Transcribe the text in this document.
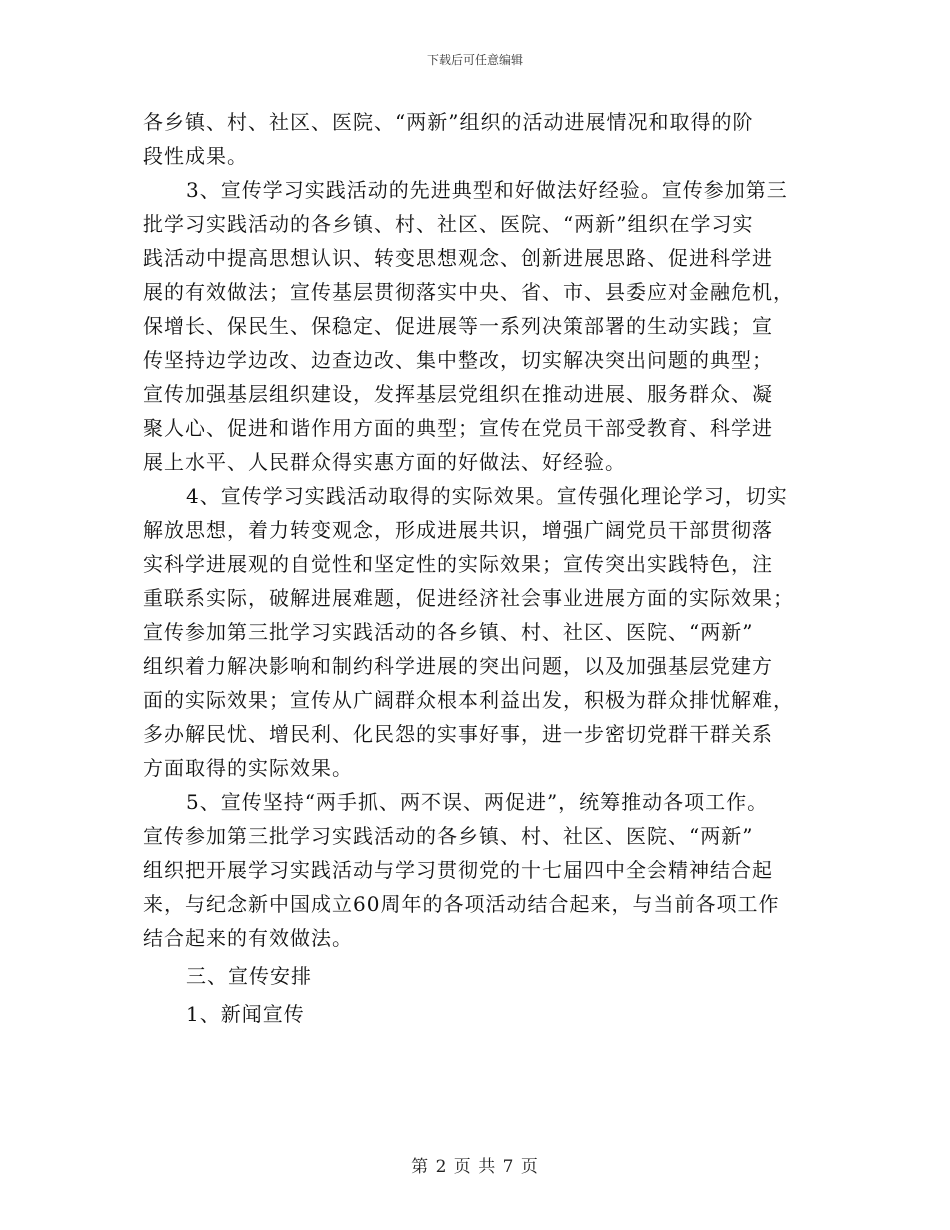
下载后可任意编辑
各乡镇、村、社区、医院、“两新”组织的活动进展情况和取得的阶
段性成果。
3、宣传学习实践活动的先进典型和好做法好经验。宣传参加第三
批学习实践活动的各乡镇、村、社区、医院、“两新”组织在学习实
践活动中提高思想认识、转变思想观念、创新进展思路、促进科学进
展的有效做法；宣传基层贯彻落实中央、省、市、县委应对金融危机，
保增长、保民生、保稳定、促进展等一系列决策部署的生动实践；宣
传坚持边学边改、边查边改、集中整改，切实解决突出问题的典型；
宣传加强基层组织建设，发挥基层党组织在推动进展、服务群众、凝
聚人心、促进和谐作用方面的典型；宣传在党员干部受教育、科学进
展上水平、人民群众得实惠方面的好做法、好经验。
4、宣传学习实践活动取得的实际效果。宣传强化理论学习，切实
解放思想，着力转变观念，形成进展共识，增强广阔党员干部贯彻落
实科学进展观的自觉性和坚定性的实际效果；宣传突出实践特色，注
重联系实际，破解进展难题，促进经济社会事业进展方面的实际效果；
宣传参加第三批学习实践活动的各乡镇、村、社区、医院、“两新”
组织着力解决影响和制约科学进展的突出问题，以及加强基层党建方
面的实际效果；宣传从广阔群众根本利益出发，积极为群众排忧解难，
多办解民忧、增民利、化民怨的实事好事，进一步密切党群干群关系
方面取得的实际效果。
5、宣传坚持“两手抓、两不误、两促进”，统筹推动各项工作。
宣传参加第三批学习实践活动的各乡镇、村、社区、医院、“两新”
组织把开展学习实践活动与学习贯彻党的十七届四中全会精神结合起
来，与纪念新中国成立60周年的各项活动结合起来，与当前各项工作
结合起来的有效做法。
三、宣传安排
1、新闻宣传
第 2 页 共 7 页
